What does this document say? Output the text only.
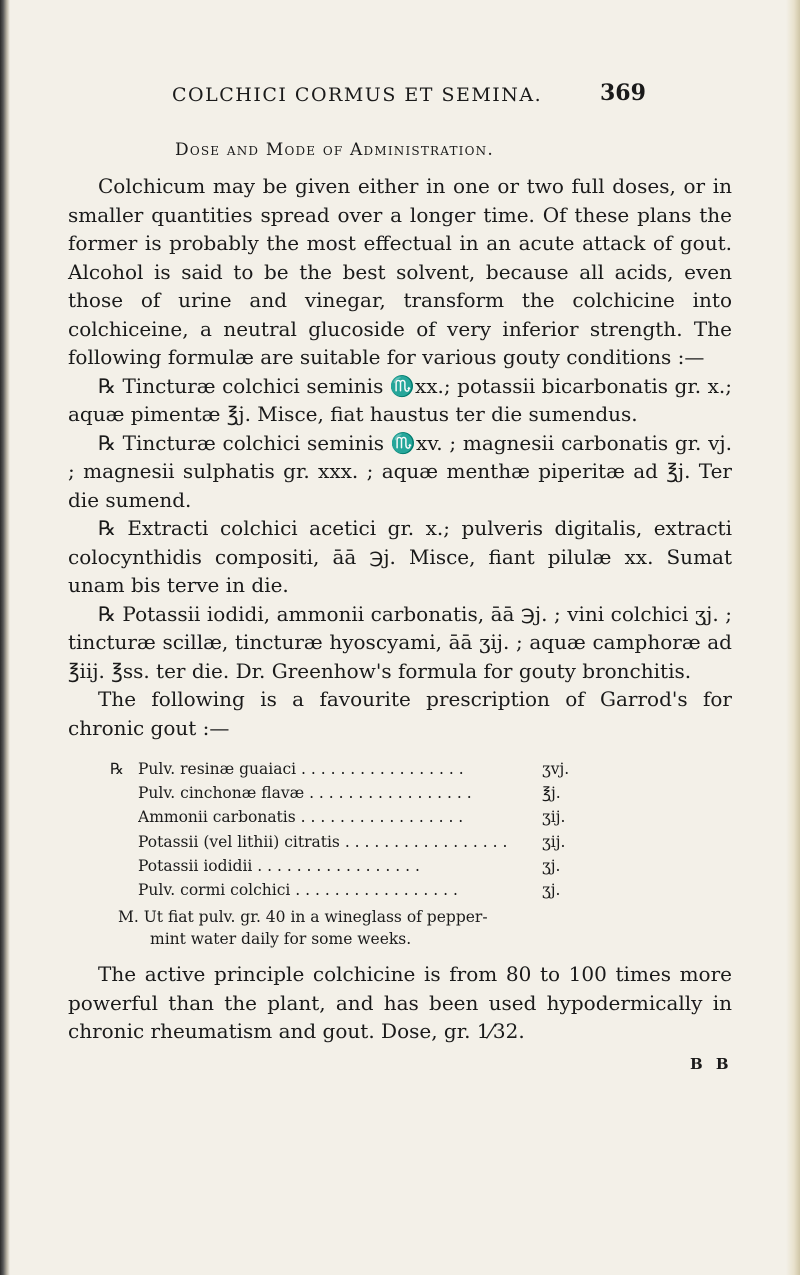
COLCHICI CORMUS ET SEMINA.	369
Dose and Mode of Administration.

Colchicum may be given either in one or two full doses, or in smaller quantities spread over a longer time. Of these plans the former is probably the most effectual in an acute attack of gout. Alcohol is said to be the best solvent, because all acids, even those of urine and vinegar, transform the colchicine into colchiceine, a neutral glucoside of very inferior strength. The following formulæ are suitable for various gouty conditions :—

℞ Tincturæ colchici seminis ♏xx.; potassii bicarbonatis gr. x.; aquæ pimentæ ℥j. Misce, fiat haustus ter die sumendus.

℞ Tincturæ colchici seminis ♏xv. ; magnesii carbonatis gr. vj. ; magnesii sulphatis gr. xxx. ; aquæ menthæ piperitæ ad ℥j. Ter die sumend.

℞ Extracti colchici acetici gr. x.; pulveris digitalis, extracti colocynthidis compositi, āā ℈j. Misce, fiant pilulæ xx. Sumat unam bis terve in die.

℞ Potassii iodidi, ammonii carbonatis, āā ℈j. ; vini colchici ʒj. ; tincturæ scillæ, tincturæ hyoscyami, āā ʒij. ; aquæ camphoræ ad ℥iij. ℥ss. ter die. Dr. Greenhow's formula for gouty bronchitis.

The following is a favourite prescription of Garrod's for chronic gout :—

℞ Pulv. resinæ guaiaci . . .	ʒvj.
Pulv. cinchonæ flavæ . . .	℥j.
Ammonii carbonatis . . .	ʒij.
Potassii (vel lithii) citratis . . .	ʒij.
Potassii iodidii . . .	ʒj.
Pulv. cormi colchici . . .	ʒj.
M. Ut fiat pulv. gr. 40 in a wineglass of pepper-
mint water daily for some weeks.

The active principle colchicine is from 80 to 100 times more powerful than the plant, and has been used hypodermically in chronic rheumatism and gout. Dose, gr. 1⁄32.

B B
